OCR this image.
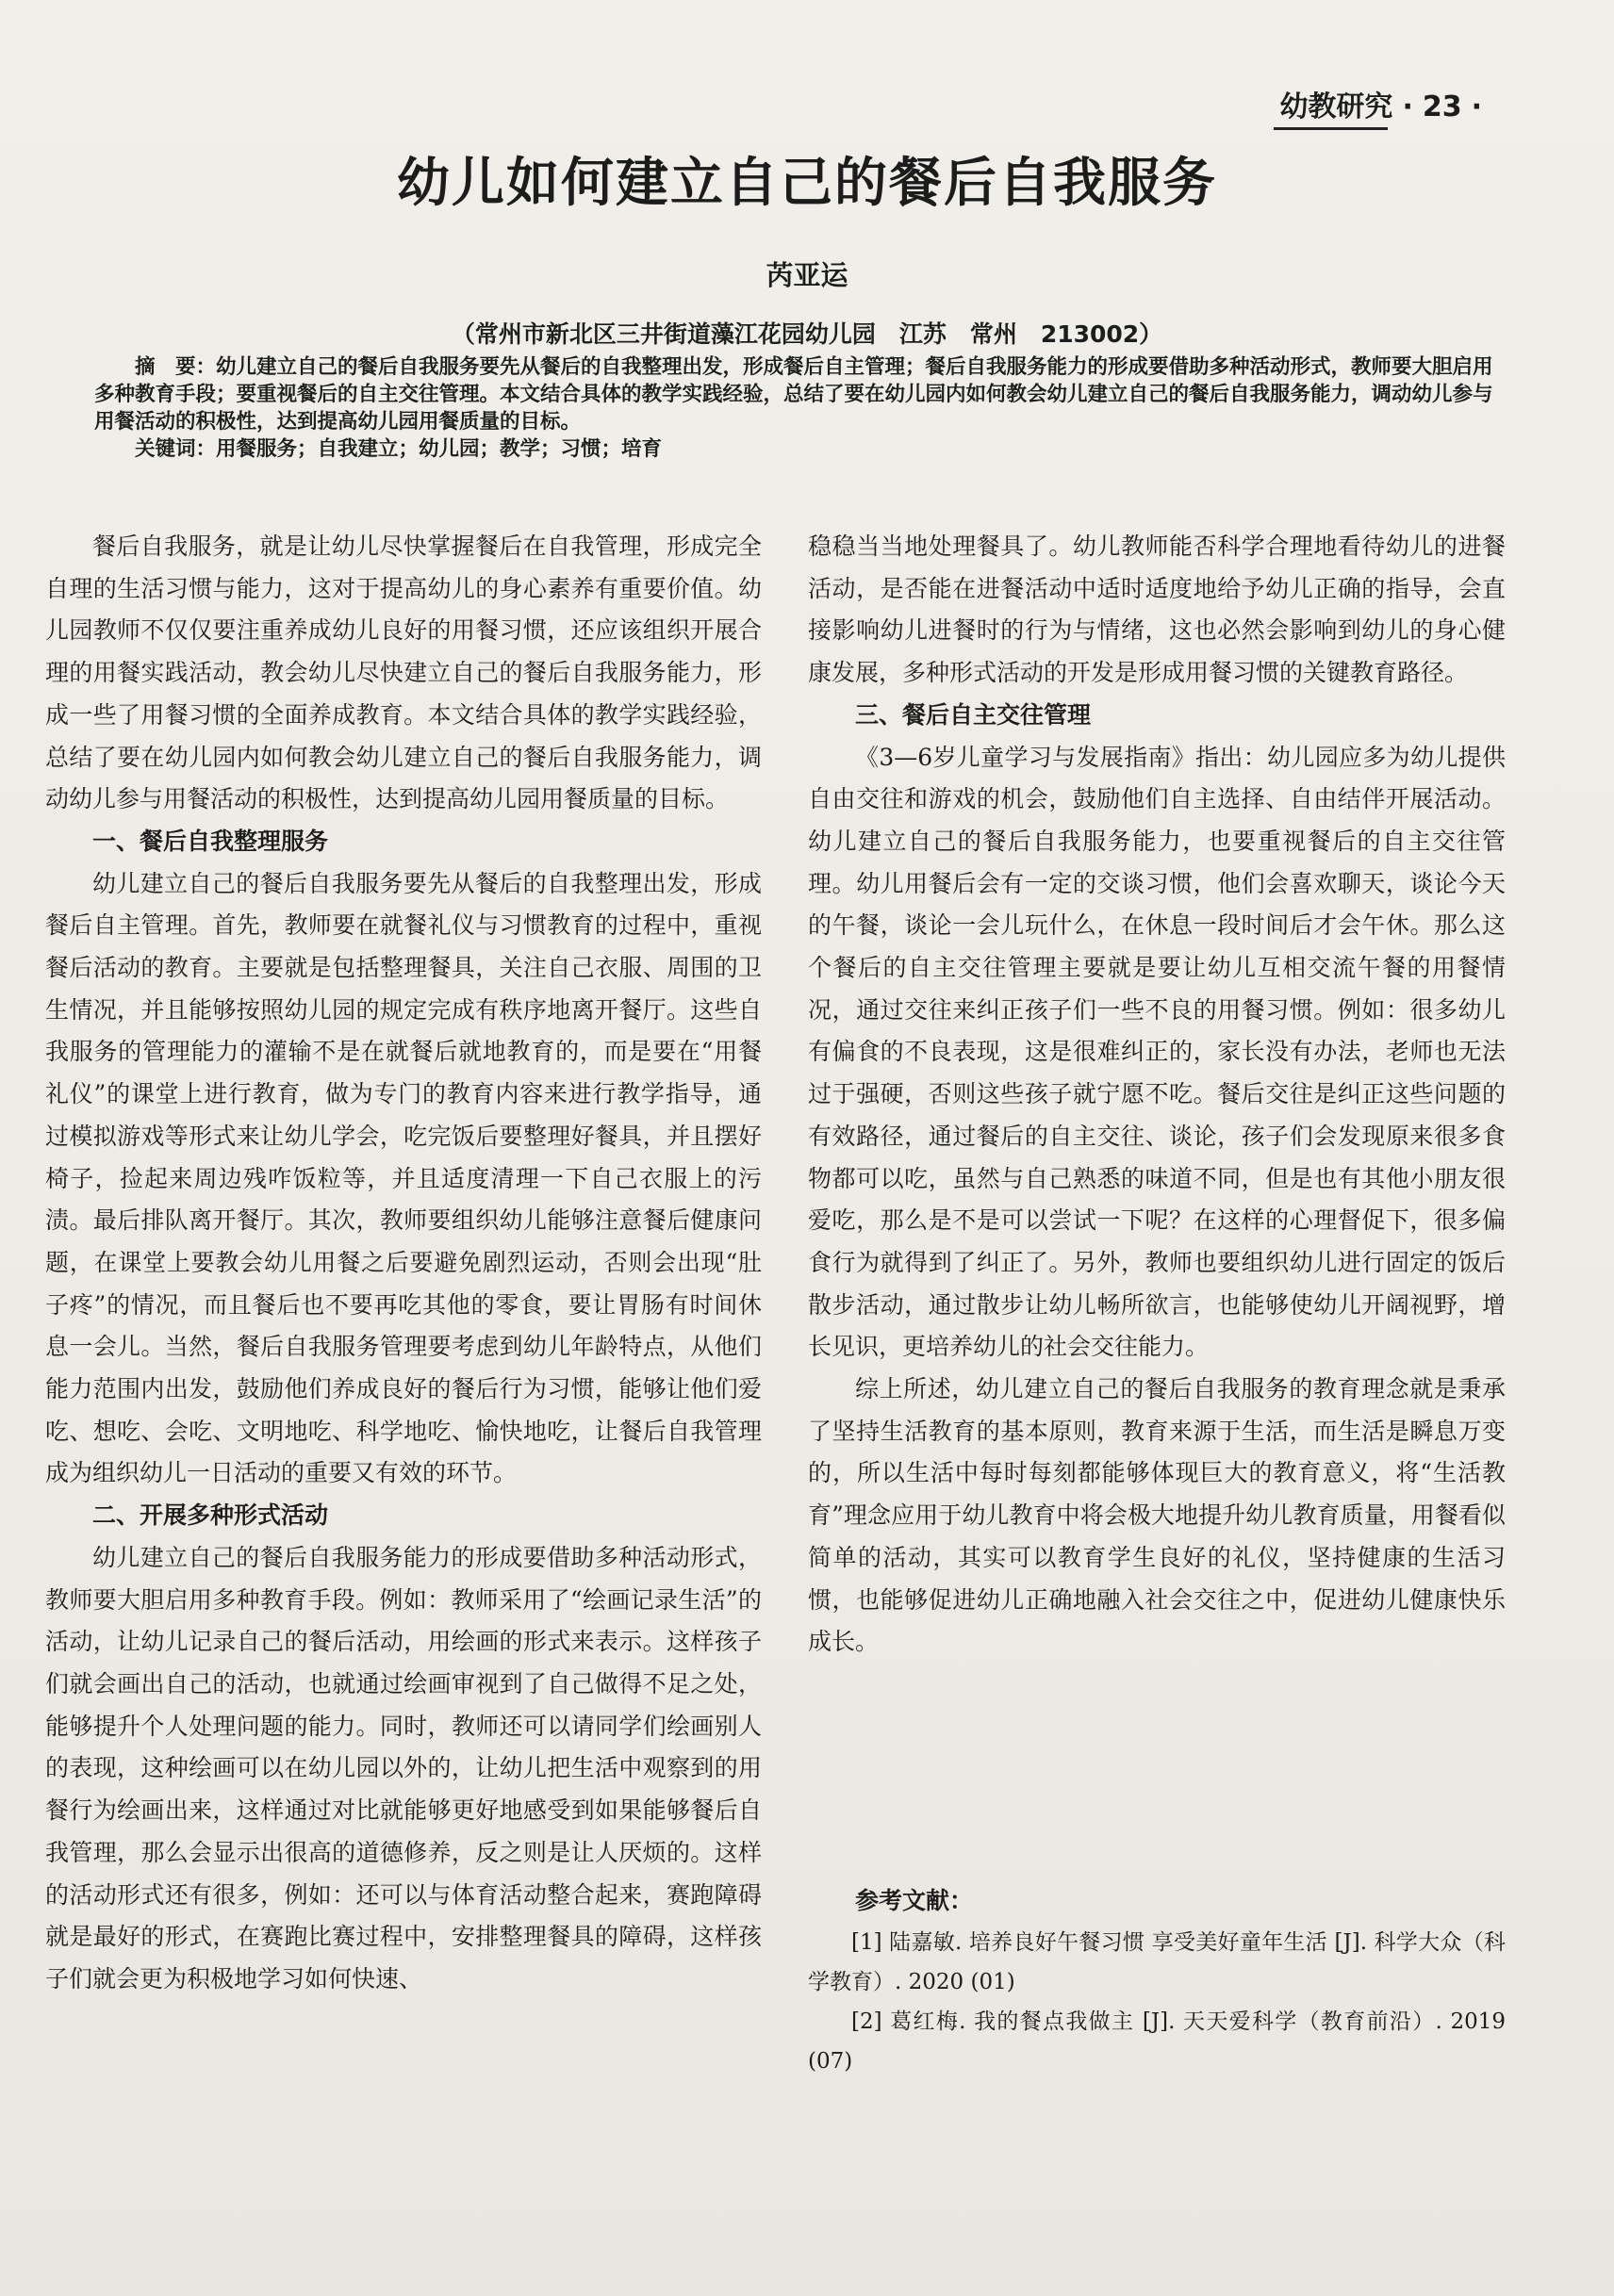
幼教研究 · 23 ·
幼儿如何建立自己的餐后自我服务
芮亚运
（常州市新北区三井街道藻江花园幼儿园　江苏　常州　213002）

摘　要：幼儿建立自己的餐后自我服务要先从餐后的自我整理出发，形成餐后自主管理；餐后自我服务能力的形成要借助多种活动形式，教师要大胆启用多种教育手段；要重视餐后的自主交往管理。本文结合具体的教学实践经验，总结了要在幼儿园内如何教会幼儿建立自己的餐后自我服务能力，调动幼儿参与用餐活动的积极性，达到提高幼儿园用餐质量的目标。

关键词：用餐服务；自我建立；幼儿园；教学；习惯；培育

餐后自我服务，就是让幼儿尽快掌握餐后在自我管理，形成完全自理的生活习惯与能力，这对于提高幼儿的身心素养有重要价值。幼儿园教师不仅仅要注重养成幼儿良好的用餐习惯，还应该组织开展合理的用餐实践活动，教会幼儿尽快建立自己的餐后自我服务能力，形成一些了用餐习惯的全面养成教育。本文结合具体的教学实践经验，总结了要在幼儿园内如何教会幼儿建立自己的餐后自我服务能力，调动幼儿参与用餐活动的积极性，达到提高幼儿园用餐质量的目标。

一、餐后自我整理服务

幼儿建立自己的餐后自我服务要先从餐后的自我整理出发，形成餐后自主管理。首先，教师要在就餐礼仪与习惯教育的过程中，重视餐后活动的教育。主要就是包括整理餐具，关注自己衣服、周围的卫生情况，并且能够按照幼儿园的规定完成有秩序地离开餐厅。这些自我服务的管理能力的灌输不是在就餐后就地教育的，而是要在“用餐礼仪”的课堂上进行教育，做为专门的教育内容来进行教学指导，通过模拟游戏等形式来让幼儿学会，吃完饭后要整理好餐具，并且摆好椅子，捡起来周边残咋饭粒等，并且适度清理一下自己衣服上的污渍。最后排队离开餐厅。其次，教师要组织幼儿能够注意餐后健康问题，在课堂上要教会幼儿用餐之后要避免剧烈运动，否则会出现“肚子疼”的情况，而且餐后也不要再吃其他的零食，要让胃肠有时间休息一会儿。当然，餐后自我服务管理要考虑到幼儿年龄特点，从他们能力范围内出发，鼓励他们养成良好的餐后行为习惯，能够让他们爱吃、想吃、会吃、文明地吃、科学地吃、愉快地吃，让餐后自我管理成为组织幼儿一日活动的重要又有效的环节。

二、开展多种形式活动

幼儿建立自己的餐后自我服务能力的形成要借助多种活动形式，教师要大胆启用多种教育手段。例如：教师采用了“绘画记录生活”的活动，让幼儿记录自己的餐后活动，用绘画的形式来表示。这样孩子们就会画出自己的活动，也就通过绘画审视到了自己做得不足之处，能够提升个人处理问题的能力。同时，教师还可以请同学们绘画别人的表现，这种绘画可以在幼儿园以外的，让幼儿把生活中观察到的用餐行为绘画出来，这样通过对比就能够更好地感受到如果能够餐后自我管理，那么会显示出很高的道德修养，反之则是让人厌烦的。这样的活动形式还有很多，例如：还可以与体育活动整合起来，赛跑障碍就是最好的形式，在赛跑比赛过程中，安排整理餐具的障碍，这样孩子们就会更为积极地学习如何快速、

稳稳当当地处理餐具了。幼儿教师能否科学合理地看待幼儿的进餐活动，是否能在进餐活动中适时适度地给予幼儿正确的指导，会直接影响幼儿进餐时的行为与情绪，这也必然会影响到幼儿的身心健康发展，多种形式活动的开发是形成用餐习惯的关键教育路径。

三、餐后自主交往管理

《3—6岁儿童学习与发展指南》指出：幼儿园应多为幼儿提供自由交往和游戏的机会，鼓励他们自主选择、自由结伴开展活动。幼儿建立自己的餐后自我服务能力，也要重视餐后的自主交往管理。幼儿用餐后会有一定的交谈习惯，他们会喜欢聊天，谈论今天的午餐，谈论一会儿玩什么，在休息一段时间后才会午休。那么这个餐后的自主交往管理主要就是要让幼儿互相交流午餐的用餐情况，通过交往来纠正孩子们一些不良的用餐习惯。例如：很多幼儿有偏食的不良表现，这是很难纠正的，家长没有办法，老师也无法过于强硬，否则这些孩子就宁愿不吃。餐后交往是纠正这些问题的有效路径，通过餐后的自主交往、谈论，孩子们会发现原来很多食物都可以吃，虽然与自己熟悉的味道不同，但是也有其他小朋友很爱吃，那么是不是可以尝试一下呢？在这样的心理督促下，很多偏食行为就得到了纠正了。另外，教师也要组织幼儿进行固定的饭后散步活动，通过散步让幼儿畅所欲言，也能够使幼儿开阔视野，增长见识，更培养幼儿的社会交往能力。

综上所述，幼儿建立自己的餐后自我服务的教育理念就是秉承了坚持生活教育的基本原则，教育来源于生活，而生活是瞬息万变的，所以生活中每时每刻都能够体现巨大的教育意义，将“生活教育”理念应用于幼儿教育中将会极大地提升幼儿教育质量，用餐看似简单的活动，其实可以教育学生良好的礼仪，坚持健康的生活习惯，也能够促进幼儿正确地融入社会交往之中，促进幼儿健康快乐成长。

参考文献：

[1] 陆嘉敏. 培养良好午餐习惯 享受美好童年生活 [J]. 科学大众（科学教育）. 2020 (01)

[2] 葛红梅. 我的餐点我做主 [J]. 天天爱科学（教育前沿）. 2019 (07)
